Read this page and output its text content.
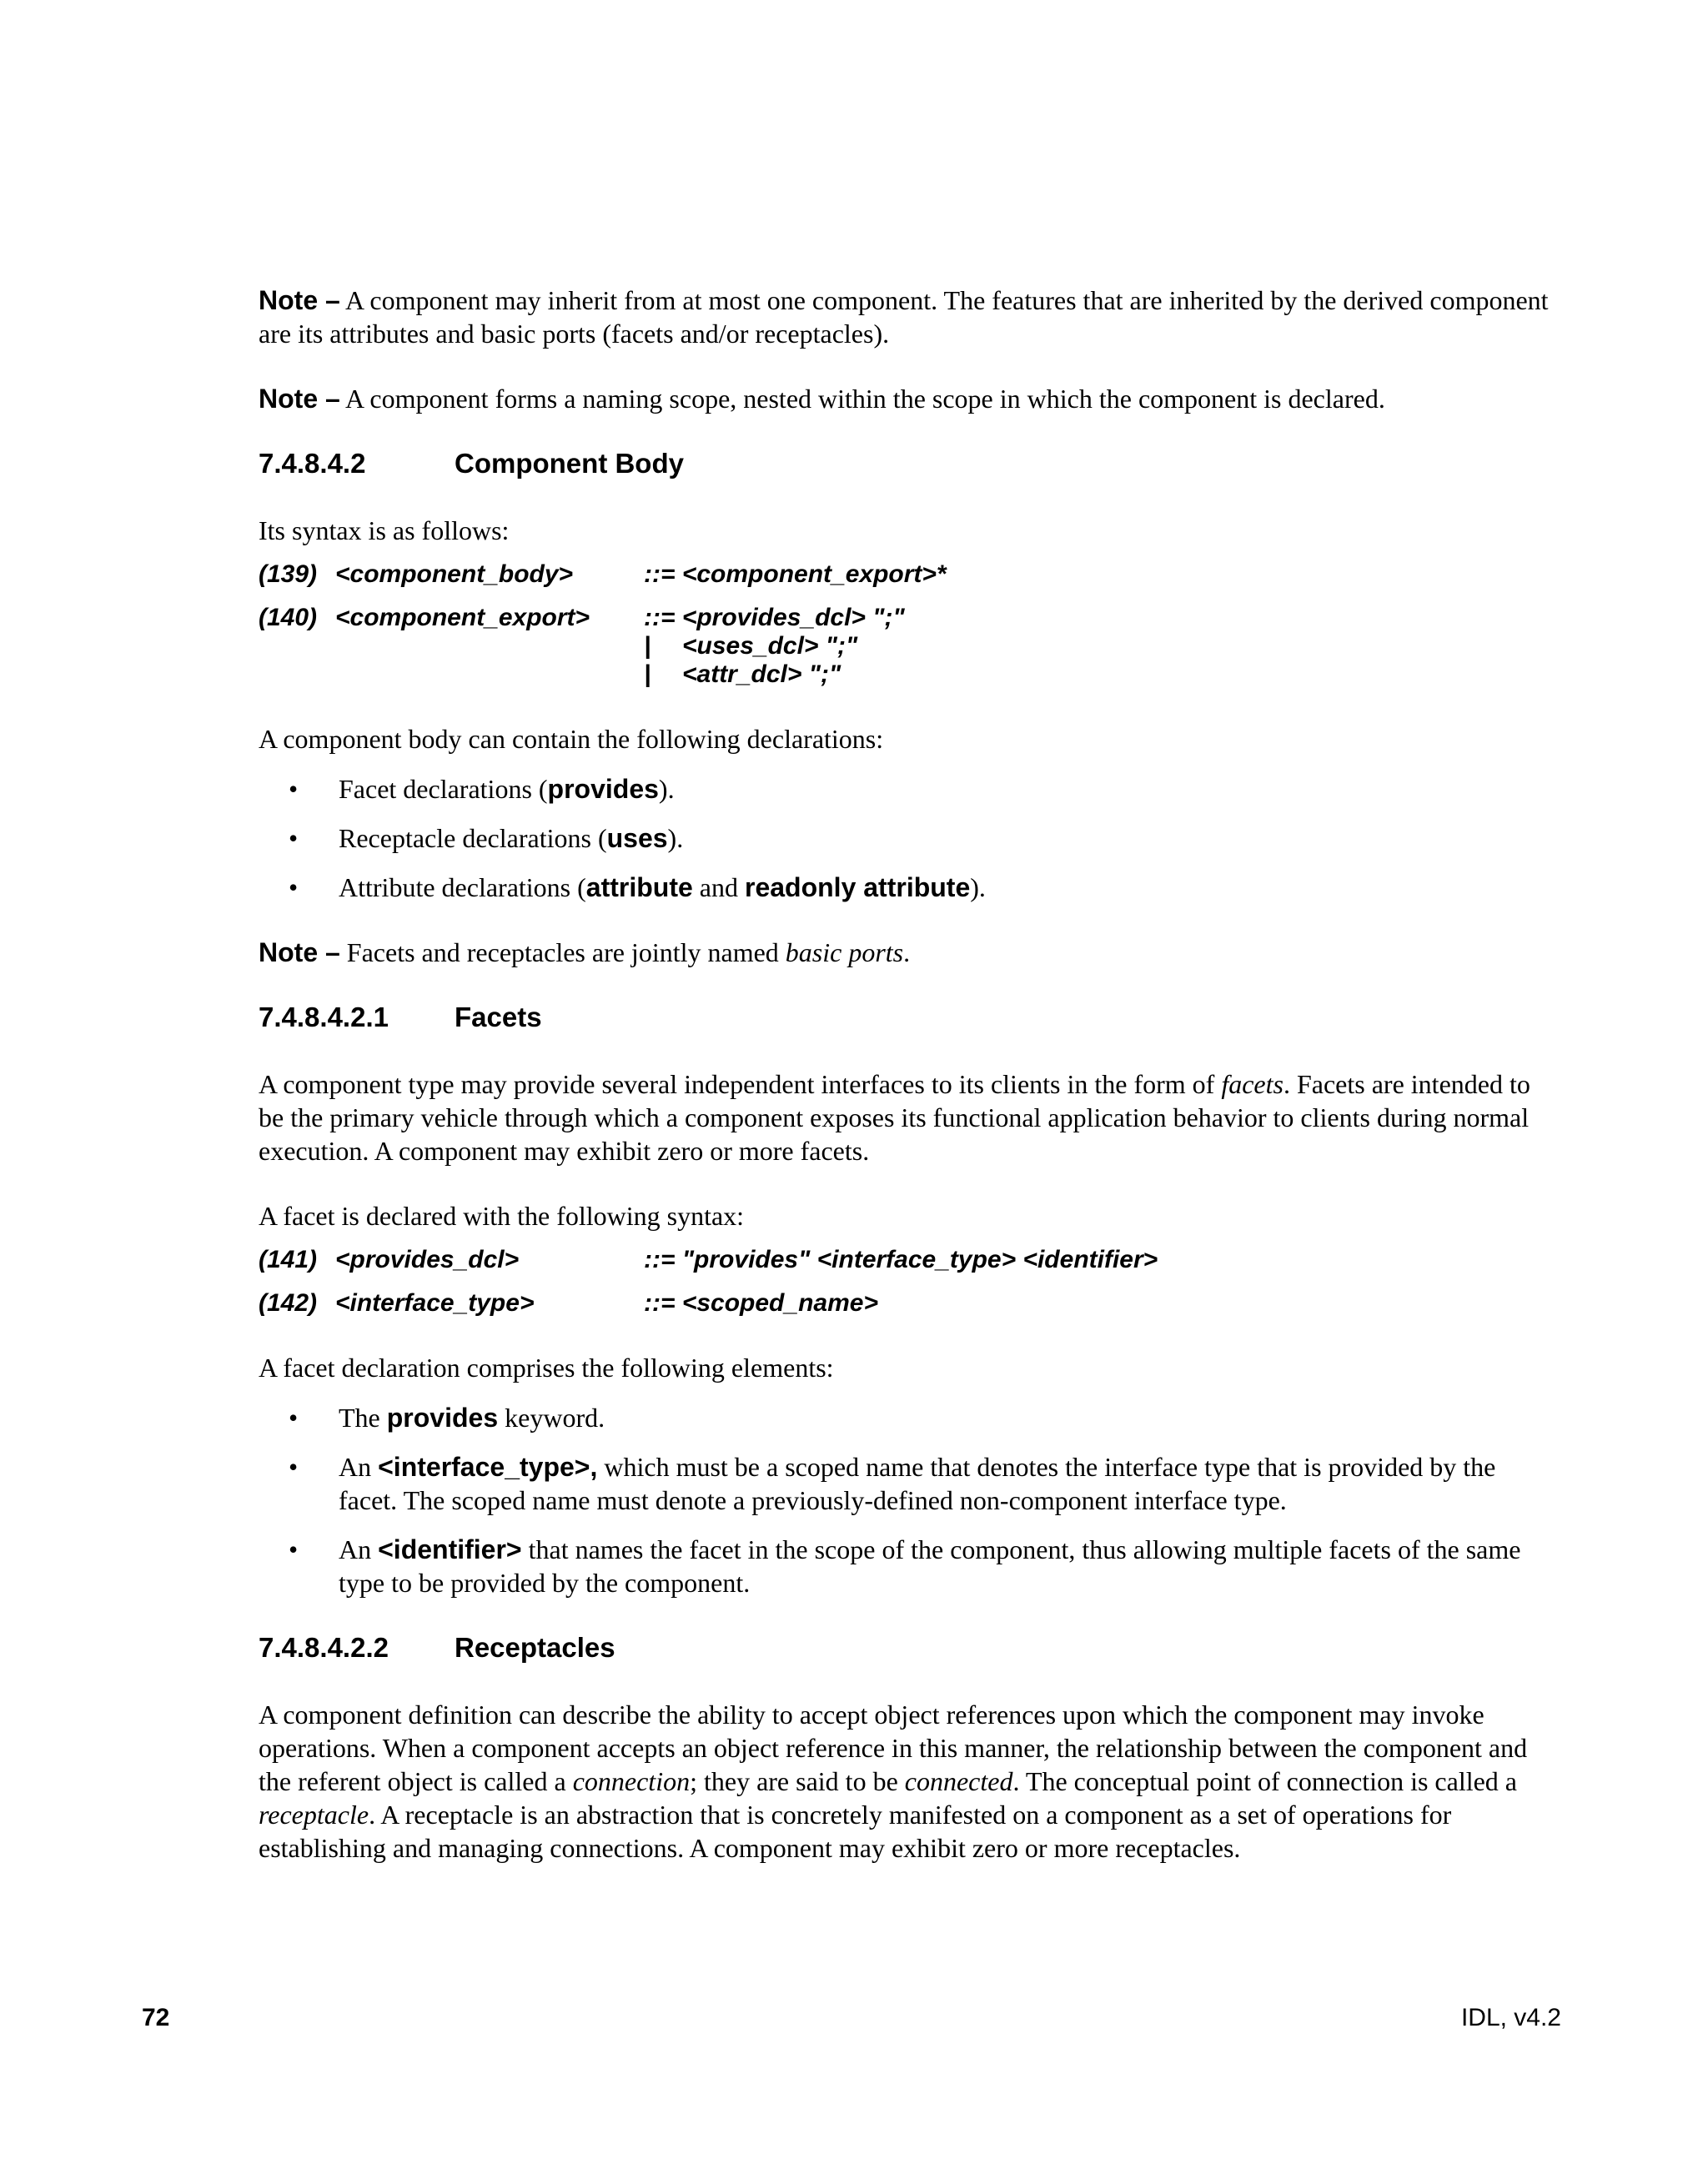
Note – A component may inherit from at most one component. The features that are inherited by the derived component are its attributes and basic ports (facets and/or receptacles).

Note – A component forms a naming scope, nested within the scope in which the component is declared.

7.4.8.4.2	Component Body

Its syntax is as follows:

(139) <component_body>	::= <component_export>*
(140) <component_export>	::= <provides_dcl> ";"
|	<uses_dcl> ";"
|	<attr_dcl> ";"

A component body can contain the following declarations:

• Facet declarations (provides).
• Receptacle declarations (uses).
• Attribute declarations (attribute and readonly attribute).

Note – Facets and receptacles are jointly named basic ports.

7.4.8.4.2.1	Facets

A component type may provide several independent interfaces to its clients in the form of facets. Facets are intended to be the primary vehicle through which a component exposes its functional application behavior to clients during normal execution. A component may exhibit zero or more facets.

A facet is declared with the following syntax:

(141) <provides_dcl>	::= "provides" <interface_type> <identifier>
(142) <interface_type>	::= <scoped_name>

A facet declaration comprises the following elements:

• The provides keyword.
• An <interface_type>, which must be a scoped name that denotes the interface type that is provided by the facet. The scoped name must denote a previously-defined non-component interface type.
• An <identifier> that names the facet in the scope of the component, thus allowing multiple facets of the same type to be provided by the component.
7.4.8.4.2.2	Receptacles

A component definition can describe the ability to accept object references upon which the component may invoke operations. When a component accepts an object reference in this manner, the relationship between the component and the referent object is called a connection; they are said to be connected. The conceptual point of connection is called a receptacle. A receptacle is an abstraction that is concretely manifested on a component as a set of operations for establishing and managing connections. A component may exhibit zero or more receptacles.

72	IDL, v4.2
